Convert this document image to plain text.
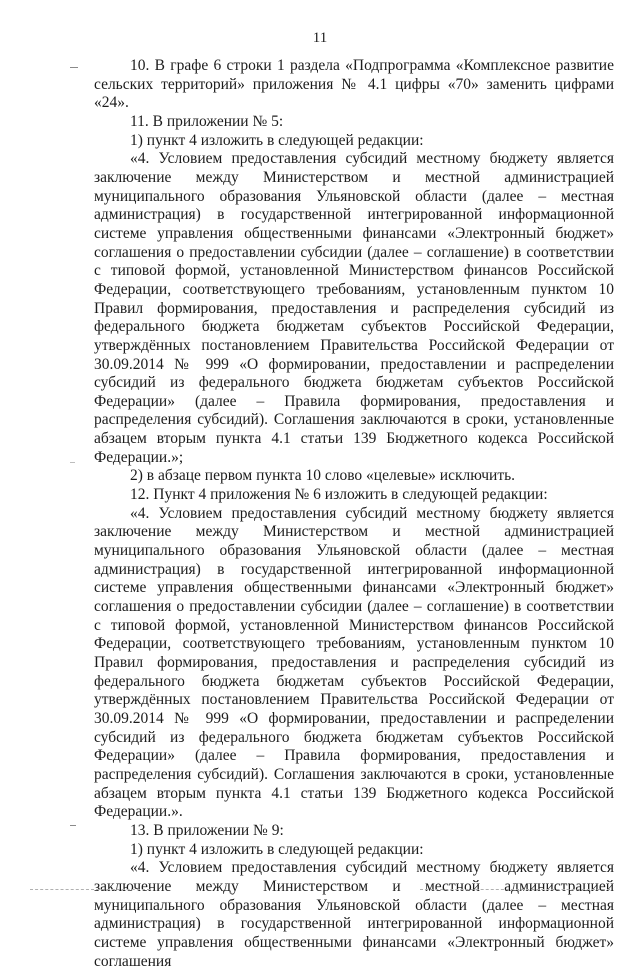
11

10. В графе 6 строки 1 раздела «Подпрограмма «Комплексное развитие сельских территорий» приложения № 4.1 цифры «70» заменить цифрами «24».

11. В приложении № 5:

1) пункт 4 изложить в следующей редакции:

«4. Условием предоставления субсидий местному бюджету является заключение между Министерством и местной администрацией муниципального образования Ульяновской области (далее – местная администрация) в государственной интегрированной информационной системе управления общественными финансами «Электронный бюджет» соглашения о предоставлении субсидии (далее – соглашение) в соответствии с типовой формой, установленной Министерством финансов Российской Федерации, соответствующего требованиям, установленным пунктом 10 Правил формирования, предоставления и распределения субсидий из федерального бюджета бюджетам субъектов Российской Федерации, утверждённых постановлением Правительства Российской Федерации от 30.09.2014 № 999 «О формировании, предоставлении и распределении субсидий из федерального бюджета бюджетам субъектов Российской Федерации» (далее – Правила формирования, предоставления и распределения субсидий). Соглашения заключаются в сроки, установленные абзацем вторым пункта 4.1 статьи 139 Бюджетного кодекса Российской Федерации.»;

2) в абзаце первом пункта 10 слово «целевые» исключить.

12. Пункт 4 приложения № 6 изложить в следующей редакции:

«4. Условием предоставления субсидий местному бюджету является заключение между Министерством и местной администрацией муниципального образования Ульяновской области (далее – местная администрация) в государственной интегрированной информационной системе управления общественными финансами «Электронный бюджет» соглашения о предоставлении субсидии (далее – соглашение) в соответствии с типовой формой, установленной Министерством финансов Российской Федерации, соответствующего требованиям, установленным пунктом 10 Правил формирования, предоставления и распределения субсидий из федерального бюджета бюджетам субъектов Российской Федерации, утверждённых постановлением Правительства Российской Федерации от 30.09.2014 № 999 «О формировании, предоставлении и распределении субсидий из федерального бюджета бюджетам субъектов Российской Федерации» (далее – Правила формирования, предоставления и распределения субсидий). Соглашения заключаются в сроки, установленные абзацем вторым пункта 4.1 статьи 139 Бюджетного кодекса Российской Федерации.».

13. В приложении № 9:

1) пункт 4 изложить в следующей редакции:

«4. Условием предоставления субсидий местному бюджету является заключение между Министерством и местной администрацией муниципального образования Ульяновской области (далее – местная администрация) в государственной интегрированной информационной системе управления общественными финансами «Электронный бюджет» соглашения
